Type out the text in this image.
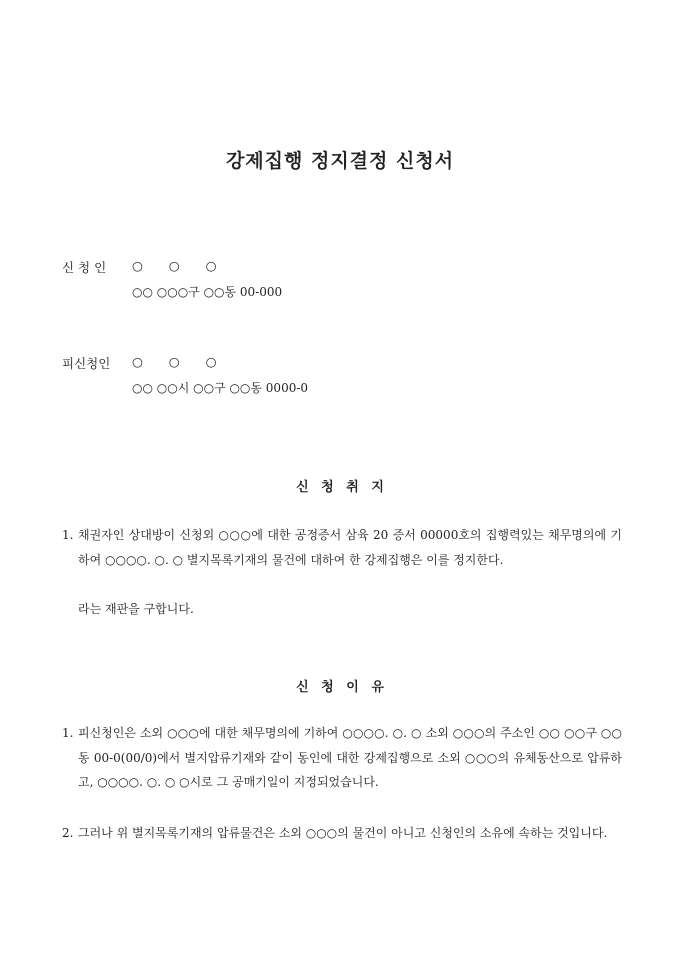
강제집행 정지결정 신청서
신 청 인 ○    ○    ○
○○ ○○○구 ○○동 00-000
피신청인 ○    ○    ○
○○ ○○시 ○○구 ○○동 0000-0
신 청 취 지
1. 채권자인 상대방이 신청외 ○○○에 대한 공정증서 삼육 20 증서 00000호의 집행력있는 채무명의에 기하여 ○○○○. ○. ○ 별지목록기재의 물건에 대하여 한 강제집행은 이를 정지한다.
라는 재판을 구합니다.
신 청 이 유
1. 피신청인은 소외 ○○○에 대한 채무명의에 기하여 ○○○○. ○. ○ 소외 ○○○의 주소인 ○○ ○○구 ○○동 00-0(00/0)에서 별지압류기재와 같이 동인에 대한 강제집행으로 소외 ○○○의 유체동산으로 압류하고, ○○○○. ○. ○ ○시로 그 공매기일이 지정되었습니다.
2. 그러나 위 별지목록기재의 압류물건은 소외 ○○○의 물건이 아니고 신청인의 소유에 속하는 것입니다.
